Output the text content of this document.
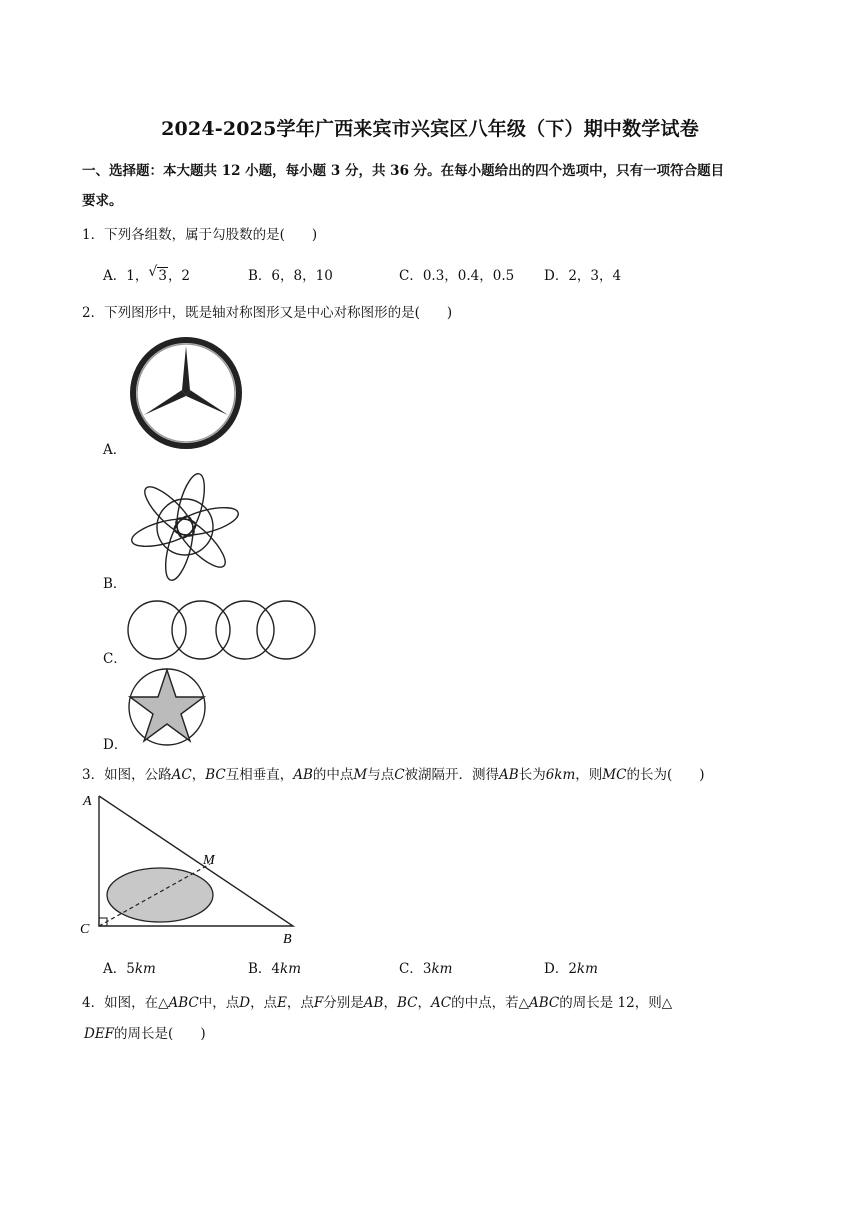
2024-2025学年广西来宾市兴宾区八年级（下）期中数学试卷
一、选择题：本大题共 12 小题，每小题 3 分，共 36 分。在每小题给出的四个选项中，只有一项符合题目
要求。
1．下列各组数，属于勾股数的是(　　)
A．1， √ 3，2	B．6，8，10	C．0.3，0.4，0.5 D．2，3，4
2．下列图形中，既是轴对称图形又是中心对称图形的是(　　)
A．
B．
C．
D．
3．如图，公路AC，BC互相垂直，AB的中点M与点C被湖隔开．测得AB长为6km，则MC的长为(　　)
A
C
B
M
A．5km	B．4km	C．3km	D．2km
4．如图，在△ABC中，点D，点E，点F分别是AB，BC，AC的中点，若△ABC的周长是 12，则△
DEF的周长是(　　)
